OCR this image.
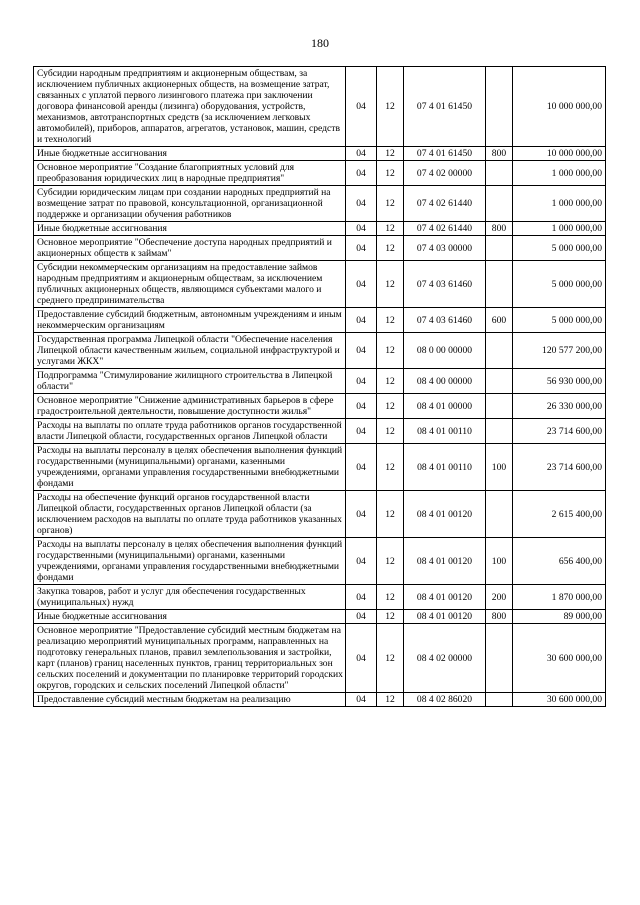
180
Субсидии народным предприятиям и акционерным обществам, за исключением публичных акционерных обществ, на возмещение затрат, связанных с уплатой первого лизингового платежа при заключении договора финансовой аренды (лизинга) оборудования, устройств, механизмов, автотранспортных средств (за исключением легковых автомобилей), приборов, аппаратов, агрегатов, установок, машин, средств и технологий	04	12	07 4 01 61450		10 000 000,00
Иные бюджетные ассигнования	04	12	07 4 01 61450	800	10 000 000,00
Основное мероприятие "Создание благоприятных условий для преобразования юридических лиц в народные предприятия"	04	12	07 4 02 00000		1 000 000,00
Субсидии юридическим лицам при создании народных предприятий на возмещение затрат по правовой, консультационной, организационной поддержке и организации обучения работников	04	12	07 4 02 61440		1 000 000,00
Иные бюджетные ассигнования	04	12	07 4 02 61440	800	1 000 000,00
Основное мероприятие "Обеспечение доступа народных предприятий и акционерных обществ к займам"	04	12	07 4 03 00000		5 000 000,00
Субсидии некоммерческим организациям на предоставление займов народным предприятиям и акционерным обществам, за исключением публичных акционерных обществ, являющимся субъектами малого и среднего предпринимательства	04	12	07 4 03 61460		5 000 000,00
Предоставление субсидий бюджетным, автономным учреждениям и иным некоммерческим организациям	04	12	07 4 03 61460	600	5 000 000,00
Государственная программа Липецкой области "Обеспечение населения Липецкой области качественным жильем, социальной инфраструктурой и услугами ЖКХ"	04	12	08 0 00 00000		120 577 200,00
Подпрограмма "Стимулирование жилищного строительства в Липецкой области"	04	12	08 4 00 00000		56 930 000,00
Основное мероприятие "Снижение административных барьеров в сфере градостроительной деятельности, повышение доступности жилья"	04	12	08 4 01 00000		26 330 000,00
Расходы на выплаты по оплате труда работников органов государственной власти Липецкой области, государственных органов Липецкой области	04	12	08 4 01 00110		23 714 600,00
Расходы на выплаты персоналу в целях обеспечения выполнения функций государственными (муниципальными) органами, казенными учреждениями, органами управления государственными внебюджетными фондами	04	12	08 4 01 00110	100	23 714 600,00
Расходы на обеспечение функций органов государственной власти Липецкой области, государственных органов Липецкой области (за исключением расходов на выплаты по оплате труда работников указанных органов)	04	12	08 4 01 00120		2 615 400,00
Расходы на выплаты персоналу в целях обеспечения выполнения функций государственными (муниципальными) органами, казенными учреждениями, органами управления государственными внебюджетными фондами	04	12	08 4 01 00120	100	656 400,00
Закупка товаров, работ и услуг для обеспечения государственных (муниципальных) нужд	04	12	08 4 01 00120	200	1 870 000,00
Иные бюджетные ассигнования	04	12	08 4 01 00120	800	89 000,00
Основное мероприятие "Предоставление субсидий местным бюджетам на реализацию мероприятий муниципальных программ, направленных на подготовку генеральных планов, правил землепользования и застройки, карт (планов) границ населенных пунктов, границ территориальных зон сельских поселений и документации по планировке территорий городских округов, городских и сельских поселений Липецкой области"	04	12	08 4 02 00000		30 600 000,00
Предоставление субсидий местным бюджетам на реализацию	04	12	08 4 02 86020		30 600 000,00
